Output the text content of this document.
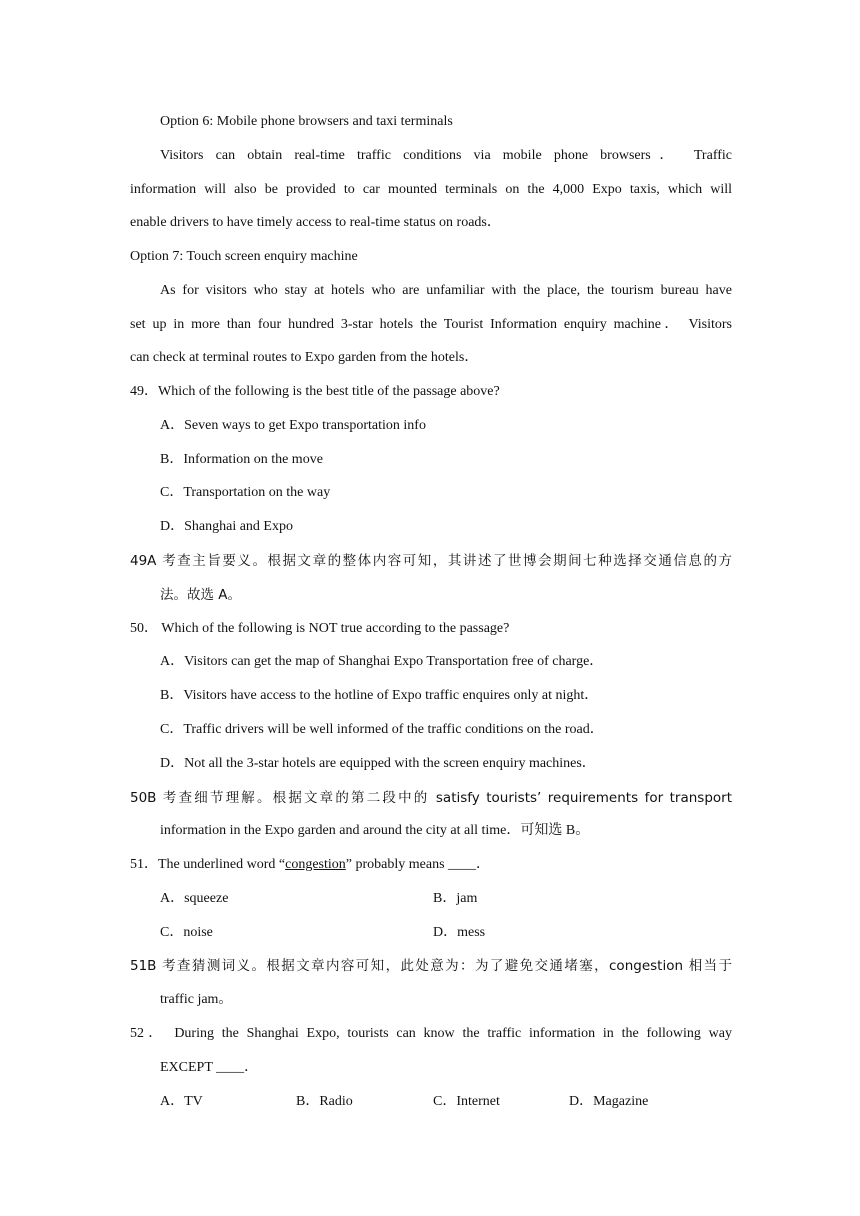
Option 6: Mobile phone browsers and taxi terminals
Visitors can obtain real-time traffic conditions via mobile phone browsers． Traffic
information will also be provided to car mounted terminals on the 4,000 Expo taxis, which will
enable drivers to have timely access to real-time status on roads．
Option 7: Touch screen enquiry machine
As for visitors who stay at hotels who are unfamiliar with the place, the tourism bureau have
set up in more than four hundred 3-star hotels the Tourist Information enquiry machine． Visitors
can check at terminal routes to Expo garden from the hotels．
49．Which of the following is the best title of the passage above?
A．Seven ways to get Expo transportation info
B．Information on the move
C．Transportation on the way
D．Shanghai and Expo
49A 考查主旨要义。根据文章的整体内容可知，其讲述了世博会期间七种选择交通信息的方
法。故选 A。
50． Which of the following is NOT true according to the passage?
A．Visitors can get the map of Shanghai Expo Transportation free of charge．
B．Visitors have access to the hotline of Expo traffic enquires only at night．
C．Traffic drivers will be well informed of the traffic conditions on the road．
D．Not all the 3-star hotels are equipped with the screen enquiry machines．
50B 考查细节理解。根据文章的第二段中的 satisfy tourists’ requirements for transport
information in the Expo garden and around the city at all time．可知选 B。
51．The underlined word “congestion” probably means ____．
A．squeeze	B．jam
C．noise	D．mess
51B 考查猜测词义。根据文章内容可知，此处意为：为了避免交通堵塞，congestion 相当于
traffic jam。
52． During the Shanghai Expo, tourists can know the traffic information in the following way
EXCEPT ____．
A．TV	B．Radio	C．Internet	D．Magazine
